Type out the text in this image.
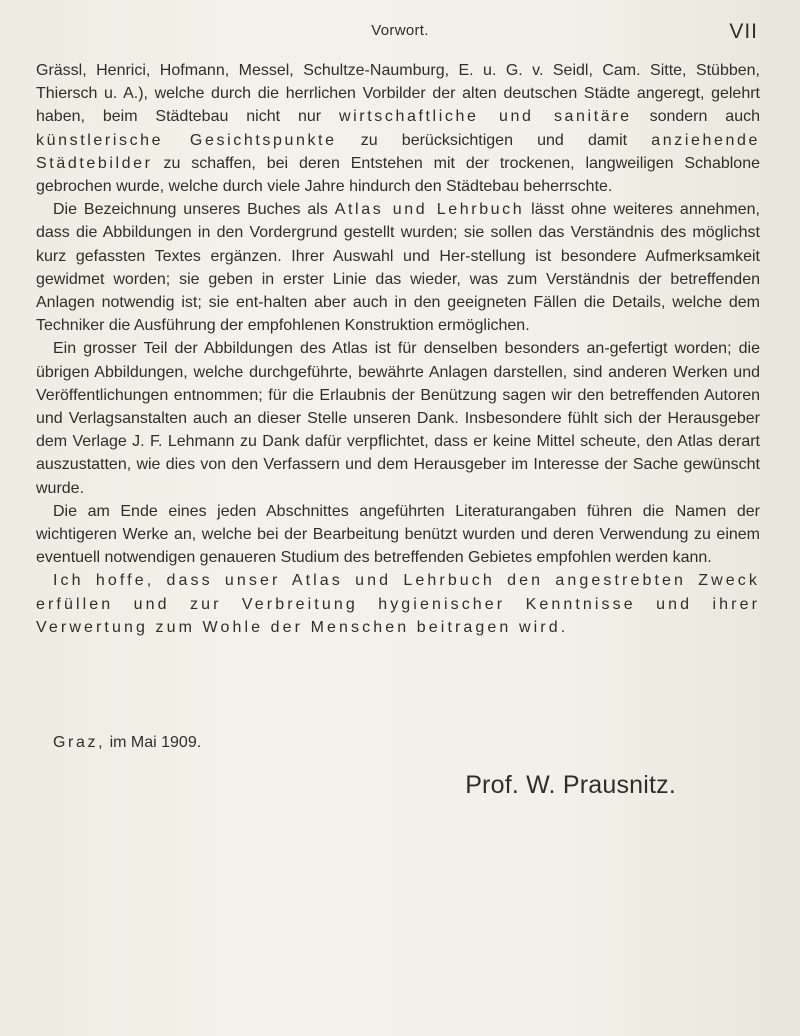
Vorwort.	VII

Grässl, Henrici, Hofmann, Messel, Schultze-Naumburg, E. u. G. v. Seidl, Cam. Sitte, Stübben, Thiersch u. A.), welche durch die herrlichen Vorbilder der alten deutschen Städte angeregt, gelehrt haben, beim Städtebau nicht nur wirtschaftliche und sanitäre sondern auch künstlerische Gesichtspunkte zu berücksichtigen und damit anziehende Städtebilder zu schaffen, bei deren Entstehen mit der trockenen, langweiligen Schablone gebrochen wurde, welche durch viele Jahre hindurch den Städtebau beherrschte.

Die Bezeichnung unseres Buches als Atlas und Lehrbuch lässt ohne weiteres annehmen, dass die Abbildungen in den Vordergrund gestellt wurden; sie sollen das Verständnis des möglichst kurz gefassten Textes ergänzen. Ihrer Auswahl und Her-stellung ist besondere Aufmerksamkeit gewidmet worden; sie geben in erster Linie das wieder, was zum Verständnis der betreffenden Anlagen notwendig ist; sie ent-halten aber auch in den geeigneten Fällen die Details, welche dem Techniker die Ausführung der empfohlenen Konstruktion ermöglichen.

Ein grosser Teil der Abbildungen des Atlas ist für denselben besonders an-gefertigt worden; die übrigen Abbildungen, welche durchgeführte, bewährte Anlagen darstellen, sind anderen Werken und Veröffentlichungen entnommen; für die Erlaubnis der Benützung sagen wir den betreffenden Autoren und Verlagsanstalten auch an dieser Stelle unseren Dank. Insbesondere fühlt sich der Herausgeber dem Verlage J. F. Lehmann zu Dank dafür verpflichtet, dass er keine Mittel scheute, den Atlas derart auszustatten, wie dies von den Verfassern und dem Herausgeber im Interesse der Sache gewünscht wurde.

Die am Ende eines jeden Abschnittes angeführten Literaturangaben führen die Namen der wichtigeren Werke an, welche bei der Bearbeitung benützt wurden und deren Verwendung zu einem eventuell notwendigen genaueren Studium des betreffenden Gebietes empfohlen werden kann.

Ich hoffe, dass unser Atlas und Lehrbuch den angestrebten Zweck erfüllen und zur Verbreitung hygienischer Kenntnisse und ihrer Verwertung zum Wohle der Menschen beitragen wird.

Graz, im Mai 1909.
Prof. W. Prausnitz.
